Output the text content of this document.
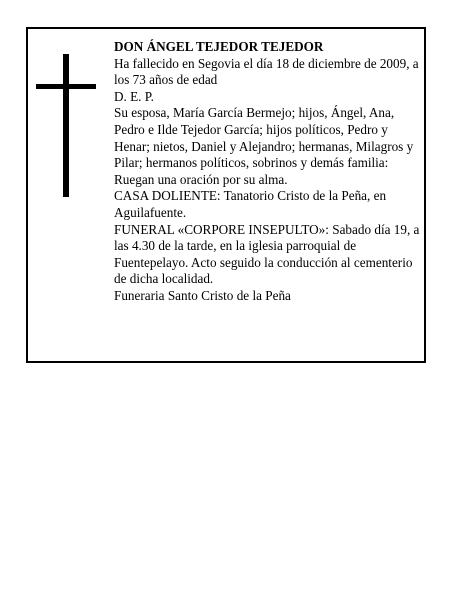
DON ÁNGEL TEJEDOR TEJEDOR

Ha fallecido en Segovia el día 18 de diciembre de 2009, a los 73 años de edad

D. E. P.

Su esposa, María García Bermejo; hijos, Ángel, Ana, Pedro e Ilde Tejedor García; hijos políticos, Pedro y Henar; nietos, Daniel y Alejandro; hermanas, Milagros y Pilar; hermanos políticos, sobrinos y demás familia:

Ruegan una oración por su alma.

CASA DOLIENTE: Tanatorio Cristo de la Peña, en Aguilafuente.

FUNERAL «CORPORE INSEPULTO»: Sabado día 19, a las 4.30 de la tarde, en la iglesia parroquial de Fuentepelayo. Acto seguido la conducción al cementerio de dicha localidad.

Funeraria Santo Cristo de la Peña
